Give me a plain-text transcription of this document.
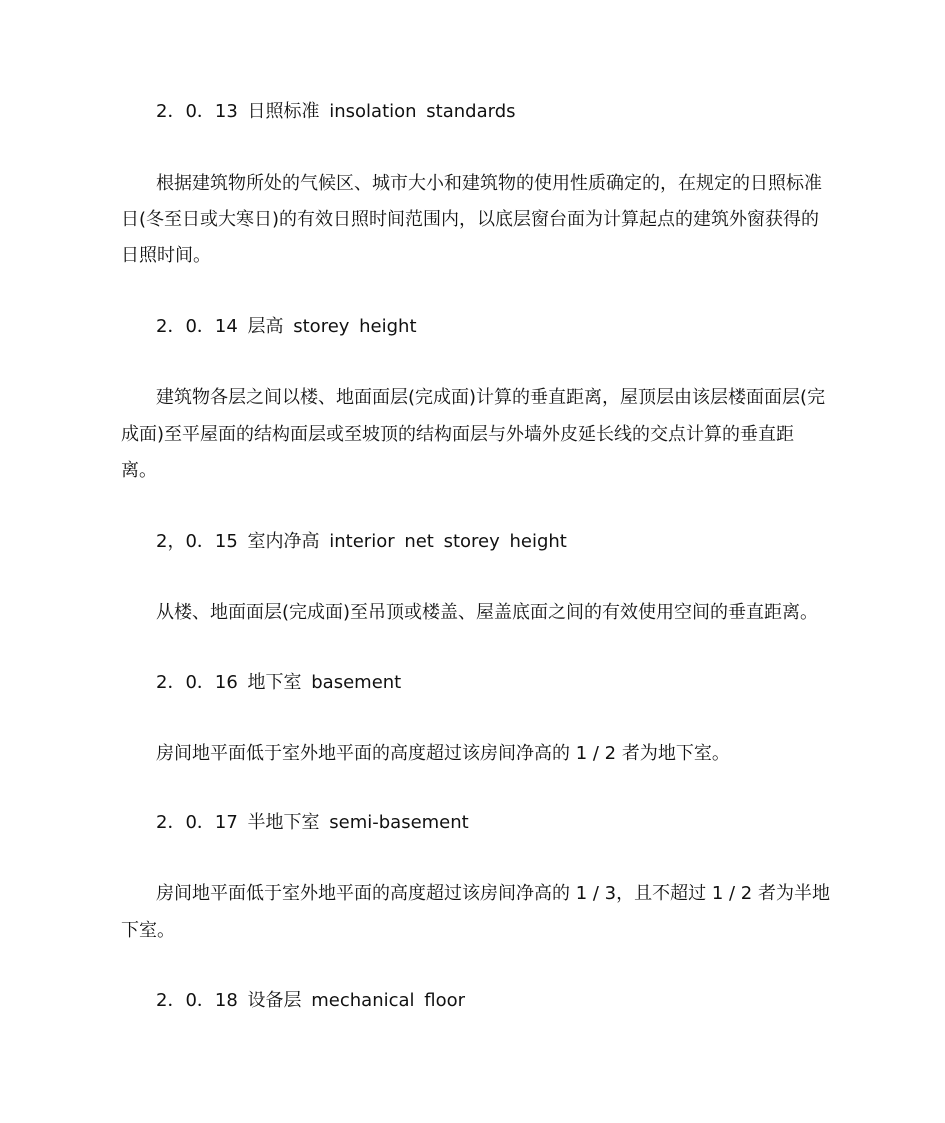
2．0．13 日照标准 insolation standards
根据建筑物所处的气候区、城市大小和建筑物的使用性质确定的，在规定的日照标准
日(冬至日或大寒日)的有效日照时间范围内，以底层窗台面为计算起点的建筑外窗获得的
日照时间。
2．0．14 层高 storey height
建筑物各层之间以楼、地面面层(完成面)计算的垂直距离，屋顶层由该层楼面面层(完
成面)至平屋面的结构面层或至坡顶的结构面层与外墙外皮延长线的交点计算的垂直距
离。
2，0．15 室内净高 interior net storey height
从楼、地面面层(完成面)至吊顶或楼盖、屋盖底面之间的有效使用空间的垂直距离。
2．0．16 地下室 basement
房间地平面低于室外地平面的高度超过该房间净高的 1 / 2 者为地下室。
2．0．17 半地下室 semi-basement
房间地平面低于室外地平面的高度超过该房间净高的 1 / 3，且不超过 1 / 2 者为半地
下室。
2．0．18 设备层 mechanical floor
